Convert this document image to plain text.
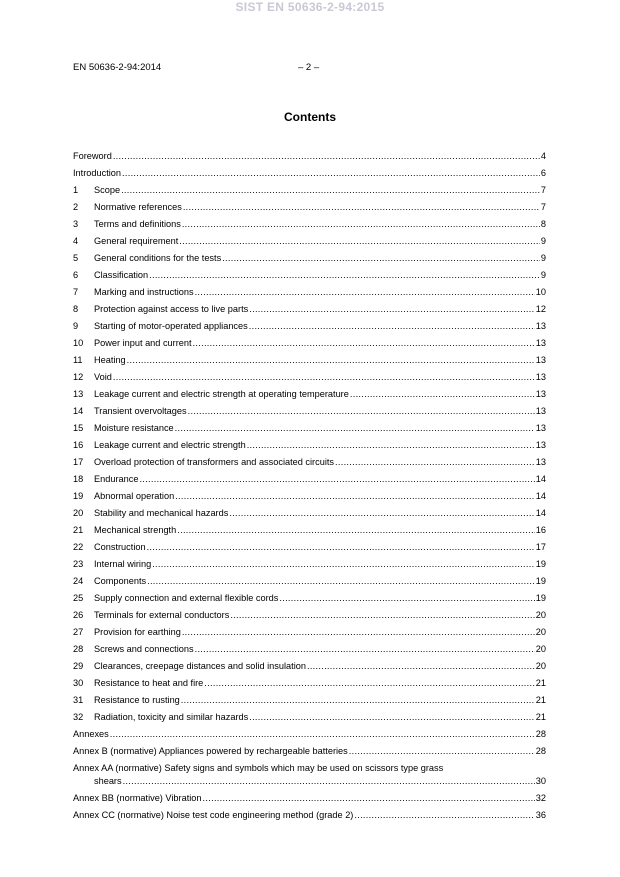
SIST EN 50636-2-94:2015
EN 50636-2-94:2014	– 2 –
Contents
Foreword .....	4
Introduction .....	6
1	Scope .....	7
2	Normative references .....	7
3	Terms and definitions .....	8
4	General requirement .....	9
5	General conditions for the tests .....	9
6	Classification .....	9
7	Marking and instructions .....	10
8	Protection against access to live parts .....	12
9	Starting of motor-operated appliances .....	13
10	Power input and current .....	13
11	Heating .....	13
12	Void .....	13
13	Leakage current and electric strength at operating temperature .....	13
14	Transient overvoltages .....	13
15	Moisture resistance .....	13
16	Leakage current and electric strength .....	13
17	Overload protection of transformers and associated circuits .....	13
18	Endurance .....	14
19	Abnormal operation .....	14
20	Stability and mechanical hazards .....	14
21	Mechanical strength .....	16
22	Construction .....	17
23	Internal wiring .....	19
24	Components .....	19
25	Supply connection and external flexible cords .....	19
26	Terminals for external conductors .....	20
27	Provision for earthing .....	20
28	Screws and connections .....	20
29	Clearances, creepage distances and solid insulation .....	20
30	Resistance to heat and fire .....	21
31	Resistance to rusting .....	21
32	Radiation, toxicity and similar hazards .....	21
Annexes .....	28
Annex B (normative) Appliances powered by rechargeable batteries .....	28
Annex AA (normative) Safety signs and symbols which may be used on scissors type grass
shears .....	30
Annex BB (normative) Vibration .....	32
Annex CC (normative) Noise test code engineering method (grade 2) .....	36
